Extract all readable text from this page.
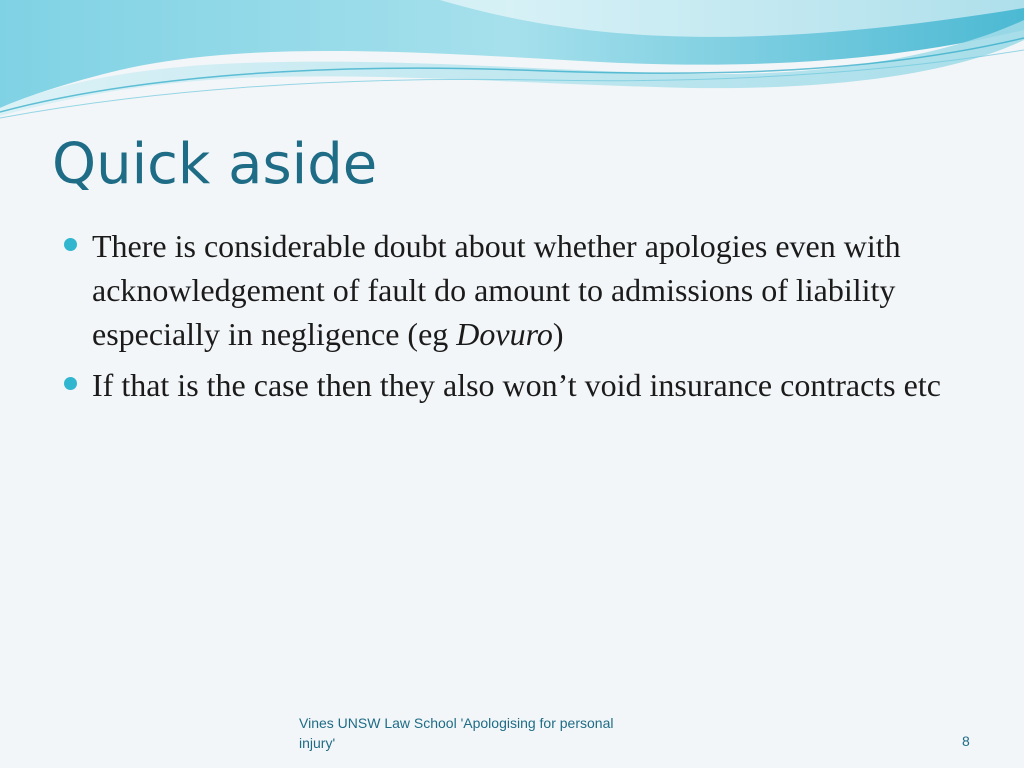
Quick aside
There is considerable doubt about whether apologies even with acknowledgement of fault do amount to admissions of liability especially in negligence (eg Dovuro)
If that is the case then they also won’t void insurance contracts etc
Vines UNSW Law School 'Apologising for personal injury'	8
